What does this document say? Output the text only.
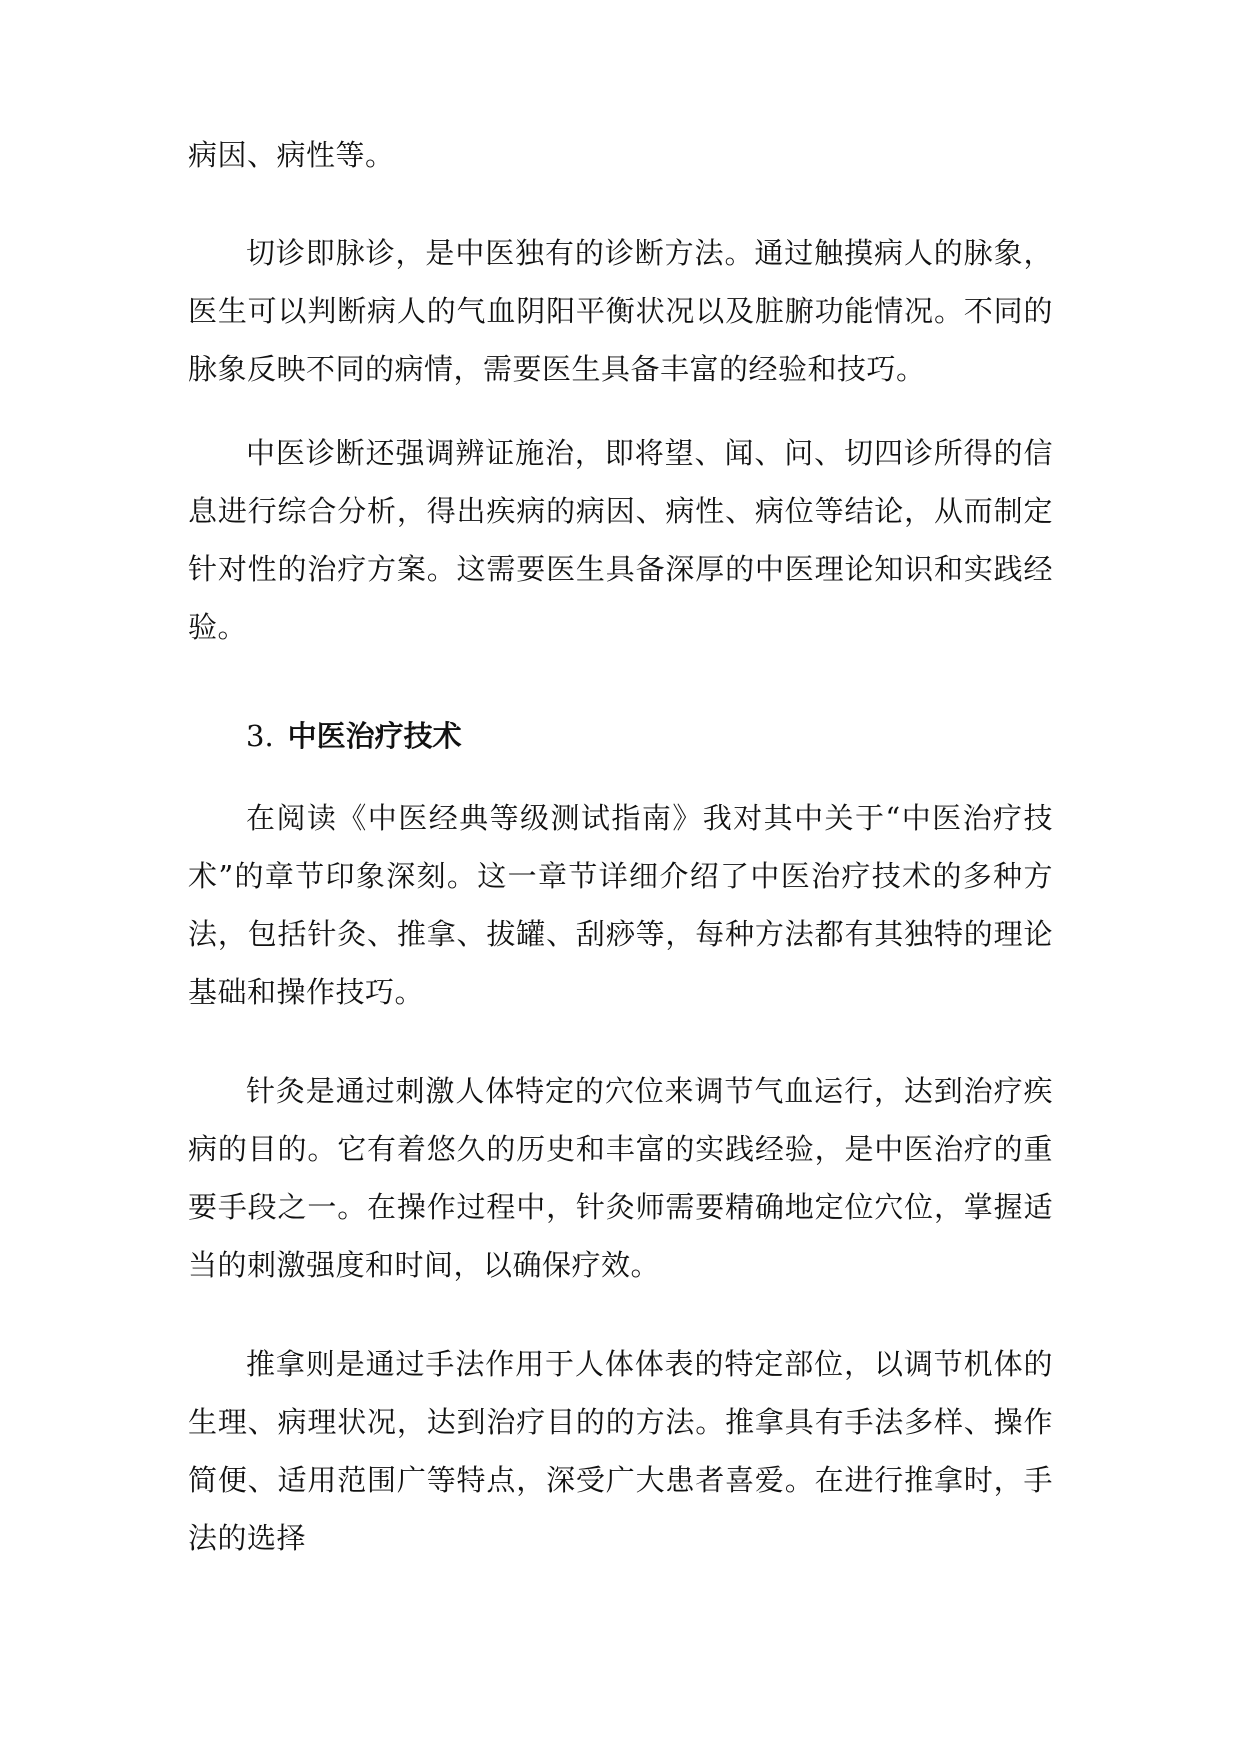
病因、病性等。

切诊即脉诊，是中医独有的诊断方法。通过触摸病人的脉象，医生可以判断病人的气血阴阳平衡状况以及脏腑功能情况。不同的脉象反映不同的病情，需要医生具备丰富的经验和技巧。

中医诊断还强调辨证施治，即将望、闻、问、切四诊所得的信息进行综合分析，得出疾病的病因、病性、病位等结论，从而制定针对性的治疗方案。这需要医生具备深厚的中医理论知识和实践经验。

3. 中医治疗技术

在阅读《中医经典等级测试指南》我对其中关于“中医治疗技术”的章节印象深刻。这一章节详细介绍了中医治疗技术的多种方法，包括针灸、推拿、拔罐、刮痧等，每种方法都有其独特的理论基础和操作技巧。

针灸是通过刺激人体特定的穴位来调节气血运行，达到治疗疾病的目的。它有着悠久的历史和丰富的实践经验，是中医治疗的重要手段之一。在操作过程中，针灸师需要精确地定位穴位，掌握适当的刺激强度和时间，以确保疗效。

推拿则是通过手法作用于人体体表的特定部位，以调节机体的生理、病理状况，达到治疗目的的方法。推拿具有手法多样、操作简便、适用范围广等特点，深受广大患者喜爱。在进行推拿时，手法的选择
